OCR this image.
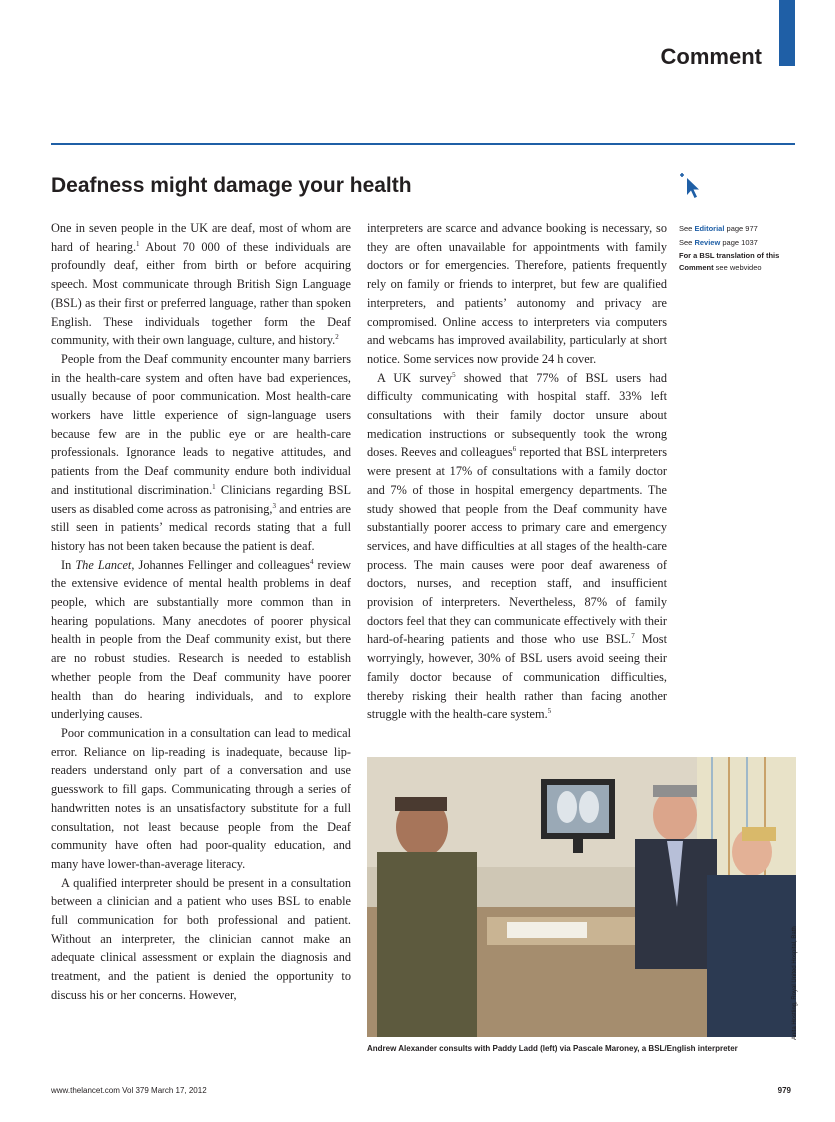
Comment
Deafness might damage your health

One in seven people in the UK are deaf, most of whom are hard of hearing.$^1$ About 70 000 of these individuals are profoundly deaf, either from birth or before acquiring speech. Most communicate through British Sign Language (BSL) as their first or preferred language, rather than spoken English. These individuals together form the Deaf community, with their own language, culture, and history.$^2$

People from the Deaf community encounter many barriers in the health-care system and often have bad experiences, usually because of poor communication. Most health-care workers have little experience of sign-language users because few are in the public eye or are health-care professionals. Ignorance leads to negative attitudes, and patients from the Deaf community endure both individual and institutional discrimination.$^1$ Clinicians regarding BSL users as disabled come across as patronising,$^3$ and entries are still seen in patients’ medical records stating that a full history has not been taken because the patient is deaf.

In The Lancet, Johannes Fellinger and colleagues$^4$ review the extensive evidence of mental health problems in deaf people, which are substantially more common than in hearing populations. Many anecdotes of poorer physical health in people from the Deaf community exist, but there are no robust studies. Research is needed to establish whether people from the Deaf community have poorer health than do hearing individuals, and to explore underlying causes.

Poor communication in a consultation can lead to medical error. Reliance on lip-reading is inadequate, because lip-readers understand only part of a conversation and use guesswork to fill gaps. Communicating through a series of handwritten notes is an unsatisfactory substitute for a full consultation, not least because people from the Deaf community have often had poor-quality education, and many have lower-than-average literacy.

A qualified interpreter should be present in a consultation between a clinician and a patient who uses BSL to enable full communication for both professional and patient. Without an interpreter, the clinician cannot make an adequate clinical assessment or explain the diagnosis and treatment, and the patient is denied the opportunity to discuss his or her concerns. However,

interpreters are scarce and advance booking is necessary, so they are often unavailable for appointments with family doctors or for emergencies. Therefore, patients frequently rely on family or friends to interpret, but few are qualified interpreters, and patients’ autonomy and privacy are compromised. Online access to interpreters via computers and webcams has improved availability, particularly at short notice. Some services now provide 24 h cover.

A UK survey$^5$ showed that 77% of BSL users had difficulty communicating with hospital staff. 33% left consultations with their family doctor unsure about medication instructions or subsequently took the wrong doses. Reeves and colleagues$^6$ reported that BSL interpreters were present at 17% of consultations with a family doctor and 7% of those in hospital emergency departments. The study showed that people from the Deaf community have substantially poorer access to primary care and emergency services, and have difficulties at all stages of the health-care process. The main causes were poor deaf awareness of doctors, nurses, and reception staff, and insufficient provision of interpreters. Nevertheless, 87% of family doctors feel that they can communicate effectively with their hard-of-hearing patients and those who use BSL.$^7$ Most worryingly, however, 30% of BSL users avoid seeing their family doctor because of communication difficulties, thereby risking their health rather than facing another struggle with the health-care system.$^5$

See Editorial page 977
See Review page 1037
For a BSL translation of this Comment see webvideo
Anita Hostling, Royal United Hospital, Bath
Andrew Alexander consults with Paddy Ladd (left) via Pascale Maroney, a BSL/English interpreter
www.thelancet.com Vol 379 March 17, 2012	979
